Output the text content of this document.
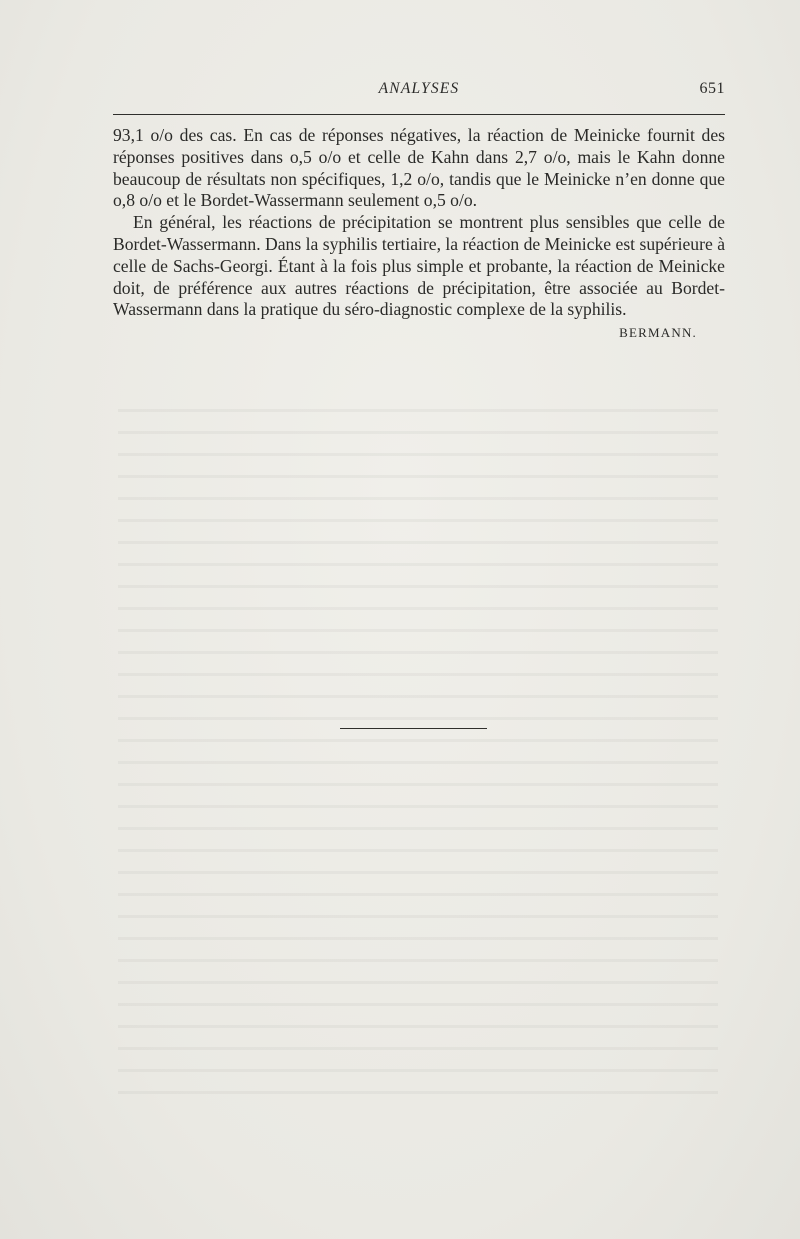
ANALYSES	651

93,1 o/o des cas. En cas de réponses négatives, la réaction de Meinicke fournit des réponses positives dans o,5 o/o et celle de Kahn dans 2,7 o/o, mais le Kahn donne beaucoup de résultats non spécifiques, 1,2 o/o, tandis que le Meinicke n’en donne que o,8 o/o et le Bordet-Wassermann seulement o,5 o/o.

En général, les réactions de précipitation se montrent plus sensibles que celle de Bordet-Wassermann. Dans la syphilis tertiaire, la réaction de Meinicke est supérieure à celle de Sachs-Georgi. Étant à la fois plus simple et probante, la réaction de Meinicke doit, de préférence aux autres réactions de précipitation, être associée au Bordet-Wassermann dans la pratique du séro-diagnostic complexe de la syphilis.

BERMANN.
